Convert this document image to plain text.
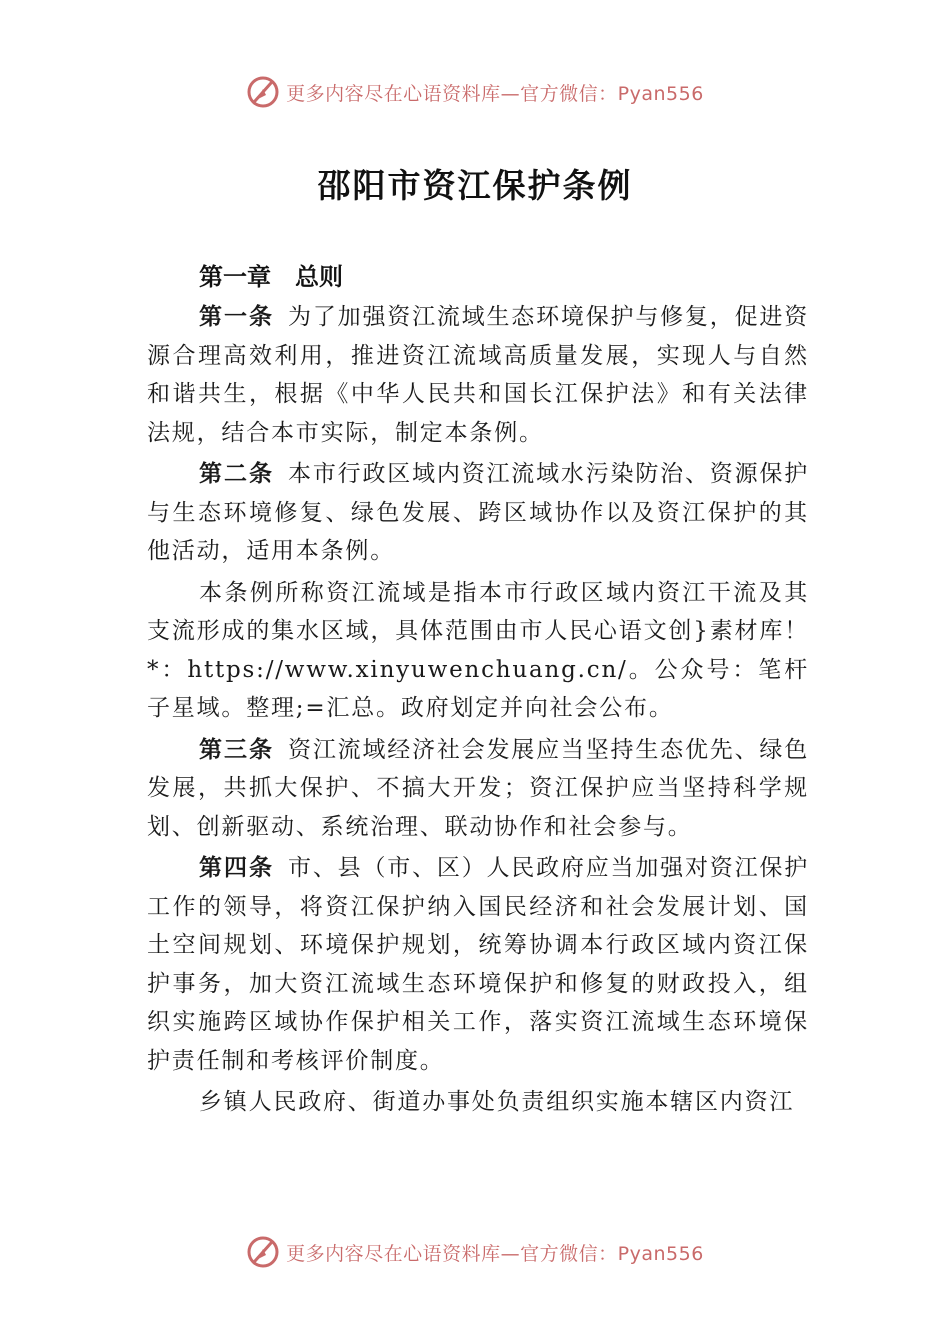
更多内容尽在心语资料库—官方微信：Pyan556
邵阳市资江保护条例

第一章 总则

第一条 为了加强资江流域生态环境保护与修复，促进资源合理高效利用，推进资江流域高质量发展，实现人与自然和谐共生，根据《中华人民共和国长江保护法》和有关法律法规，结合本市实际，制定本条例。

第二条 本市行政区域内资江流域水污染防治、资源保护与生态环境修复、绿色发展、跨区域协作以及资江保护的其他活动，适用本条例。

本条例所称资江流域是指本市行政区域内资江干流及其支流形成的集水区域，具体范围由市人民心语文创}素材库！*：https://www.xinyuwenchuang.cn/。公众号：笔杆子星域。整理;=汇总。政府划定并向社会公布。

第三条 资江流域经济社会发展应当坚持生态优先、绿色发展，共抓大保护、不搞大开发；资江保护应当坚持科学规划、创新驱动、系统治理、联动协作和社会参与。

第四条 市、县（市、区）人民政府应当加强对资江保护工作的领导，将资江保护纳入国民经济和社会发展计划、国土空间规划、环境保护规划，统筹协调本行政区域内资江保护事务，加大资江流域生态环境保护和修复的财政投入，组织实施跨区域协作保护相关工作，落实资江流域生态环境保护责任制和考核评价制度。

乡镇人民政府、街道办事处负责组织实施本辖区内资江

更多内容尽在心语资料库—官方微信：Pyan556
